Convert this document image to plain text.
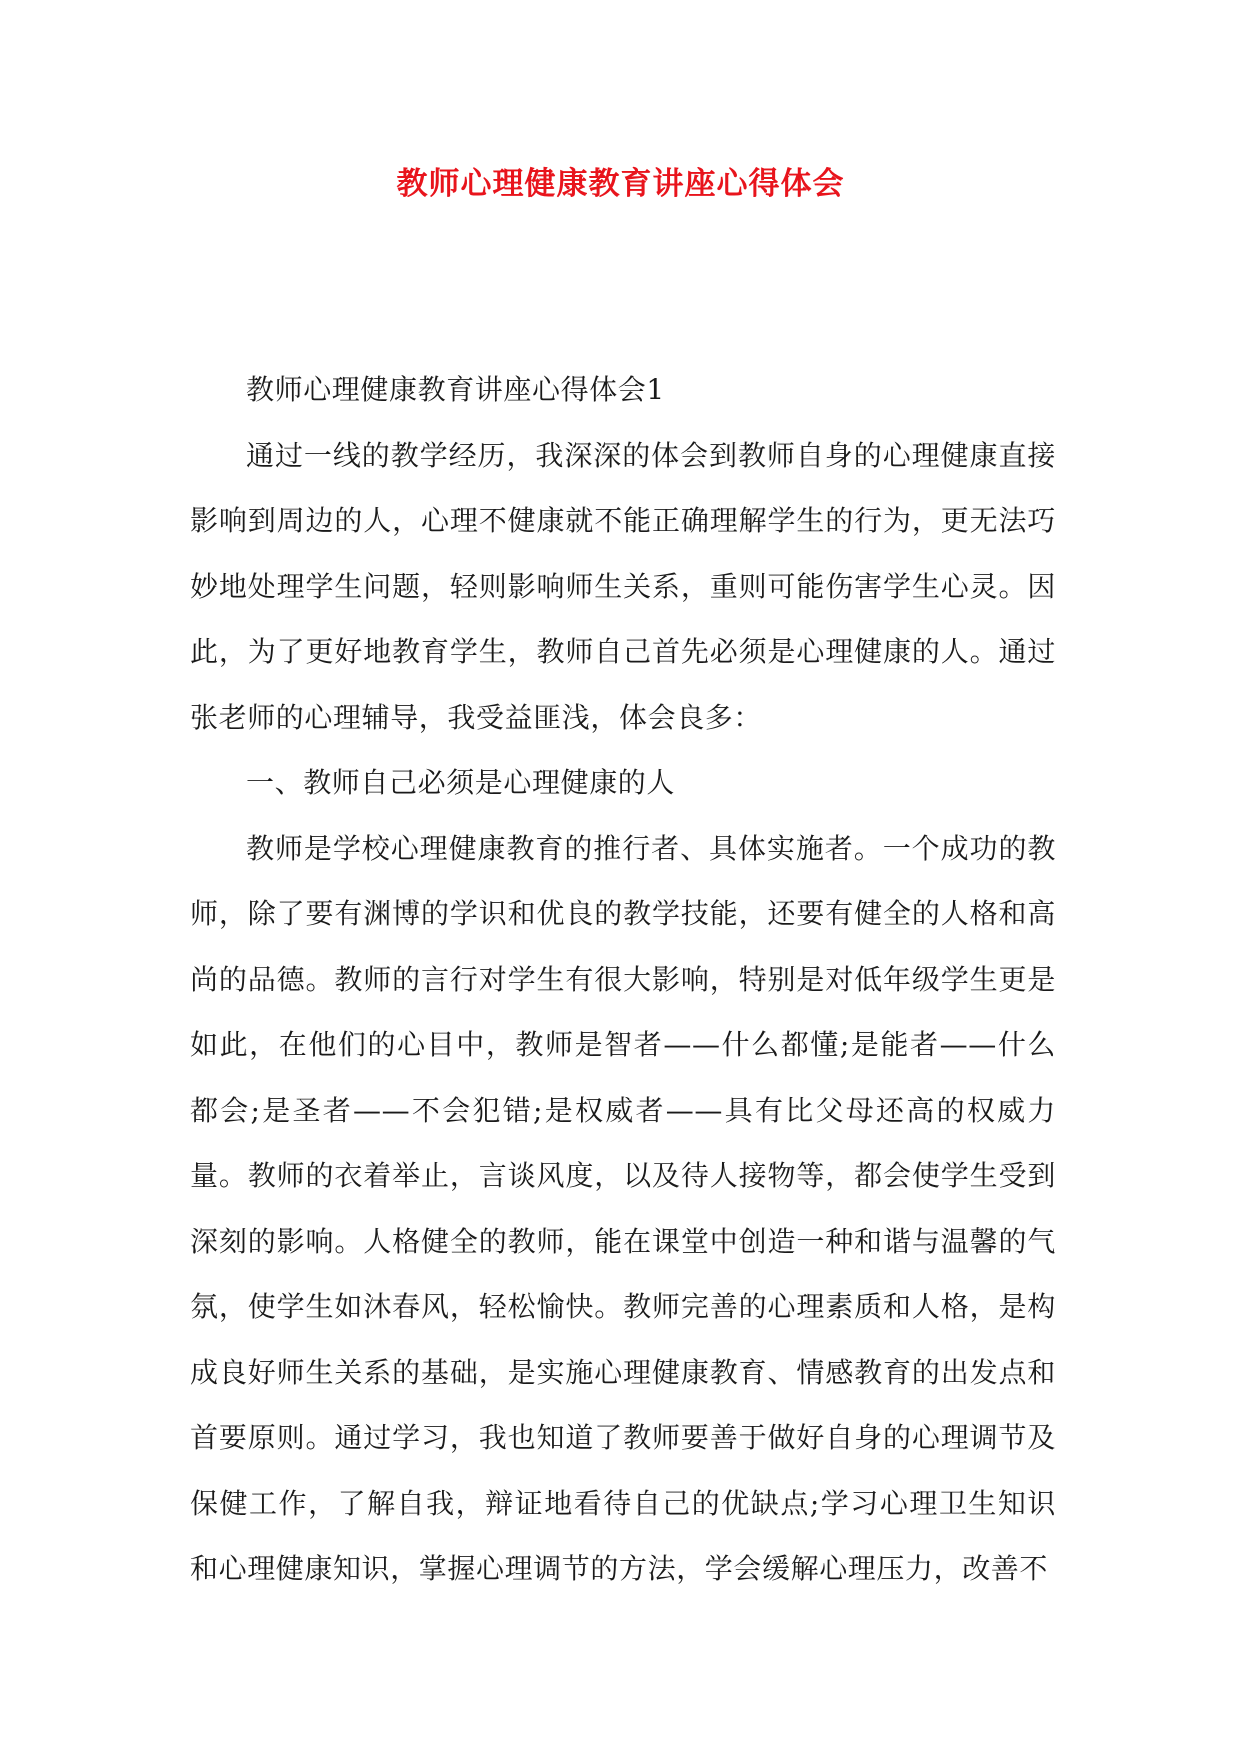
教师心理健康教育讲座心得体会

教师心理健康教育讲座心得体会1

通过一线的教学经历，我深深的体会到教师自身的心理健康直接影响到周边的人，心理不健康就不能正确理解学生的行为，更无法巧妙地处理学生问题，轻则影响师生关系，重则可能伤害学生心灵。因此，为了更好地教育学生，教师自己首先必须是心理健康的人。通过张老师的心理辅导，我受益匪浅，体会良多：

一、教师自己必须是心理健康的人

教师是学校心理健康教育的推行者、具体实施者。一个成功的教师，除了要有渊博的学识和优良的教学技能，还要有健全的人格和高尚的品德。教师的言行对学生有很大影响，特别是对低年级学生更是如此，在他们的心目中，教师是智者——什么都懂;是能者——什么都会;是圣者——不会犯错;是权威者——具有比父母还高的权威力量。教师的衣着举止，言谈风度，以及待人接物等，都会使学生受到深刻的影响。人格健全的教师，能在课堂中创造一种和谐与温馨的气氛，使学生如沐春风，轻松愉快。教师完善的心理素质和人格，是构成良好师生关系的基础，是实施心理健康教育、情感教育的出发点和首要原则。通过学习，我也知道了教师要善于做好自身的心理调节及保健工作，了解自我，辩证地看待自己的优缺点;学习心理卫生知识和心理健康知识，掌握心理调节的方法，学会缓解心理压力，改善不
